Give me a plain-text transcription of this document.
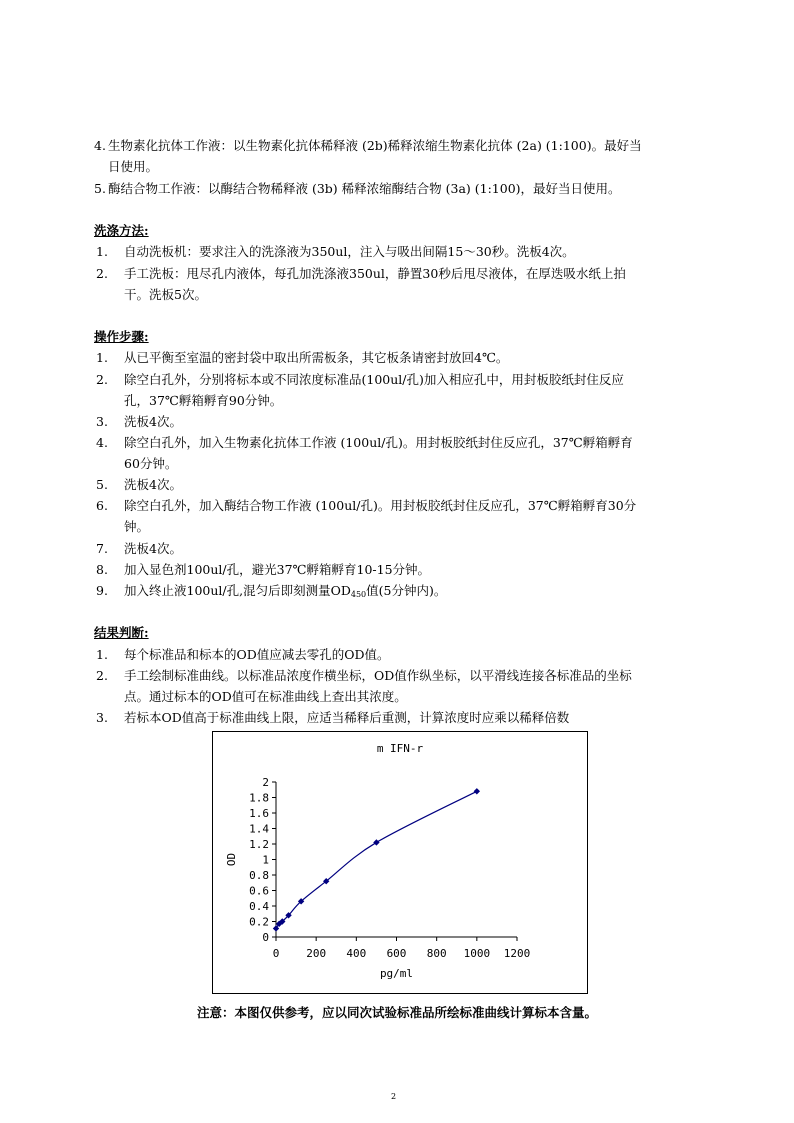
4. 生物素化抗体工作液：以生物素化抗体稀释液 (2b)稀释浓缩生物素化抗体 (2a) (1:100)。最好当
日使用。
5. 酶结合物工作液：以酶结合物稀释液 (3b) 稀释浓缩酶结合物 (3a) (1:100)，最好当日使用。
洗涤方法:
1. 自动洗板机：要求注入的洗涤液为350ul，注入与吸出间隔15～30秒。洗板4次。
2. 手工洗板：甩尽孔内液体，每孔加洗涤液350ul，静置30秒后甩尽液体，在厚迭吸水纸上拍
干。洗板5次。
操作步骤:
1. 从已平衡至室温的密封袋中取出所需板条，其它板条请密封放回4℃。
2. 除空白孔外，分别将标本或不同浓度标准品(100ul/孔)加入相应孔中，用封板胶纸封住反应
孔，37℃孵箱孵育90分钟。
3. 洗板4次。
4. 除空白孔外，加入生物素化抗体工作液 (100ul/孔)。用封板胶纸封住反应孔，37℃孵箱孵育
60分钟。
5. 洗板4次。
6. 除空白孔外，加入酶结合物工作液 (100ul/孔)。用封板胶纸封住反应孔，37℃孵箱孵育30分
钟。
7. 洗板4次。
8. 加入显色剂100ul/孔，避光37℃孵箱孵育10-15分钟。
9. 加入终止液100ul/孔,混匀后即刻测量$OD_{450}$值(5分钟内)。
结果判断:
1. 每个标准品和标本的OD值应减去零孔的OD值。
2. 手工绘制标准曲线。以标准品浓度作横坐标，OD值作纵坐标，以平滑线连接各标准品的坐标
点。通过标本的OD值可在标准曲线上查出其浓度。
3. 若标本OD值高于标准曲线上限，应适当稀释后重测，计算浓度时应乘以稀释倍数
m IFN-r
0
0.2
0.4
0.6
0.8
1
1.2
1.4
1.6
1.8
2
0 200 400 600 800 1000 1200
pg/ml
OD
注意：本图仅供参考，应以同次试验标准品所绘标准曲线计算标本含量。
2
